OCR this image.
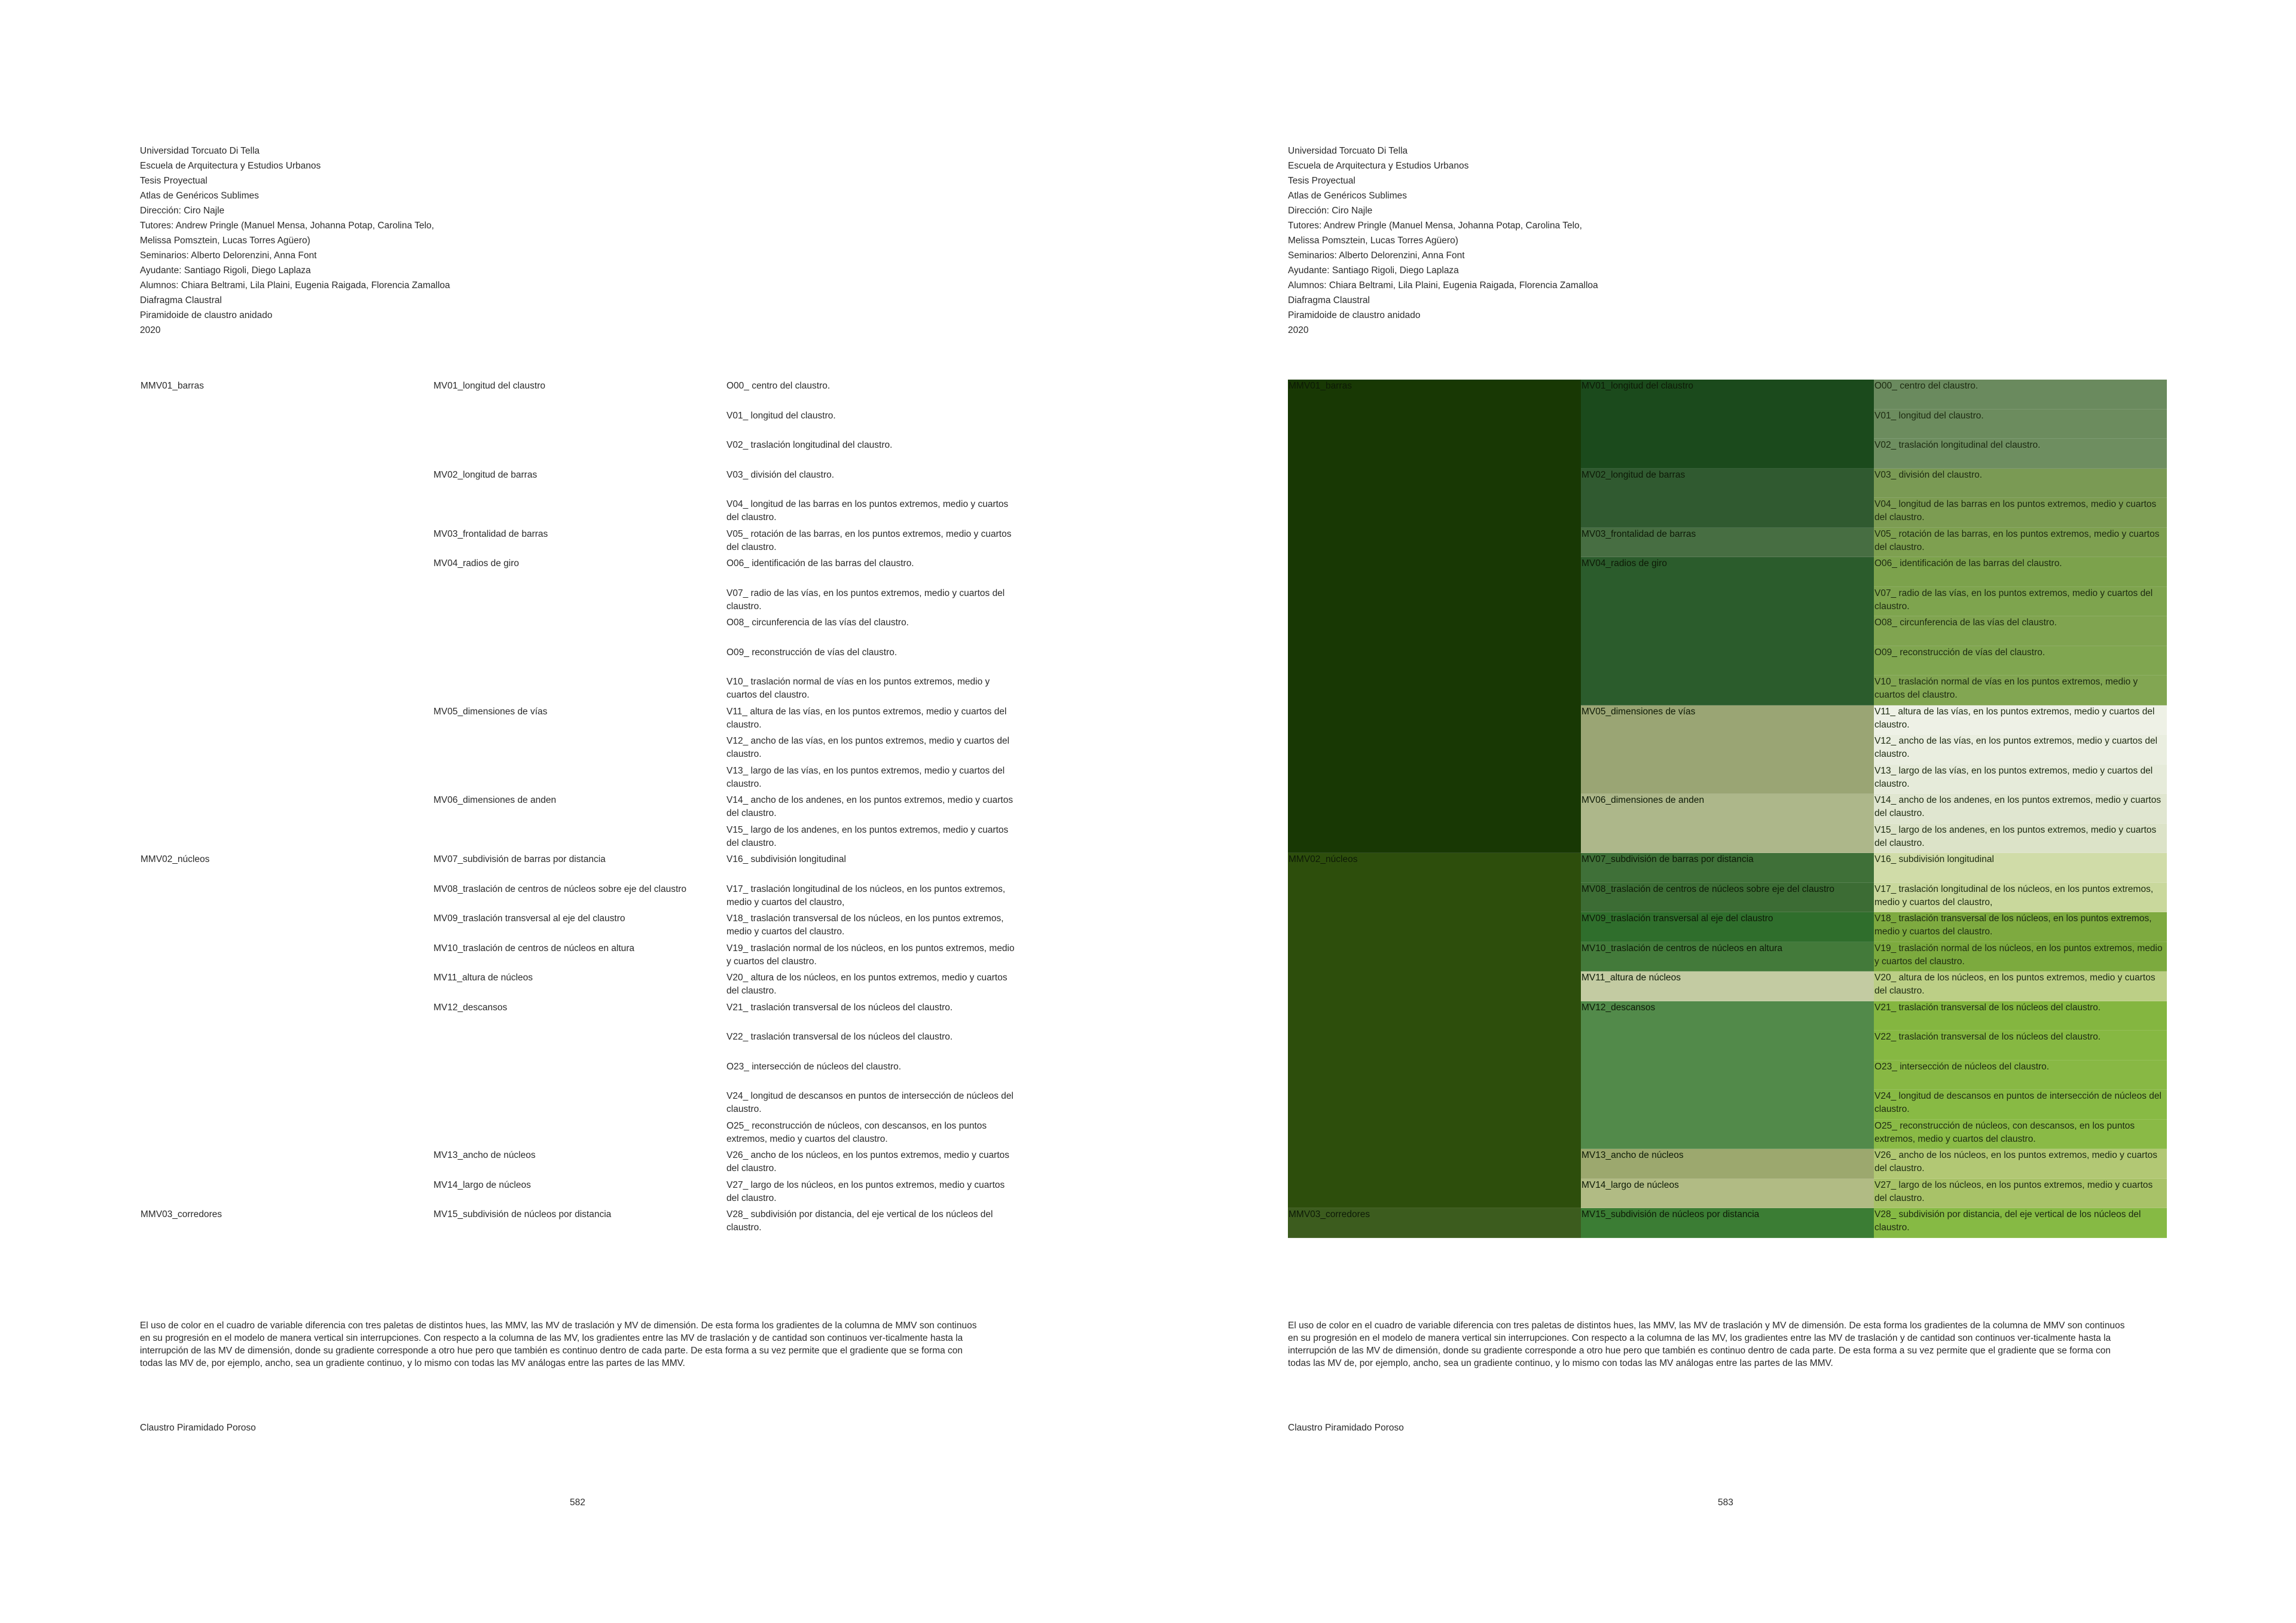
Universidad Torcuato Di Tella
Escuela de Arquitectura y Estudios Urbanos
Tesis Proyectual
Atlas de Genéricos Sublimes
Dirección: Ciro Najle
Tutores: Andrew Pringle (Manuel Mensa, Johanna Potap, Carolina Telo,
Melissa Pomsztein, Lucas Torres Agüero)
Seminarios: Alberto Delorenzini, Anna Font
Ayudante: Santiago Rigoli, Diego Laplaza
Alumnos: Chiara Beltrami, Lila Plaini, Eugenia Raigada, Florencia Zamalloa
Diafragma Claustral
Piramidoide de claustro anidado
2020
MMV01_barras
MMV02_núcleos
MMV03_corredores
MV01_longitud del claustro
MV02_longitud de barras
MV03_frontalidad de barras
MV04_radios de giro
MV05_dimensiones de vías
MV06_dimensiones de anden
MV07_subdivisión de barras por distancia
MV08_traslación de centros de núcleos sobre eje del claustro
MV09_traslación transversal al eje del claustro
MV10_traslación de centros de núcleos en altura
MV11_altura de núcleos
MV12_descansos
MV13_ancho de núcleos
MV14_largo de núcleos
MV15_subdivisión de núcleos por distancia
O00_ centro del claustro.
V01_ longitud del claustro.
V02_ traslación longitudinal del claustro.
V03_ división del claustro.
V04_ longitud de las barras en los puntos extremos, medio y cuartos del claustro.
V05_ rotación de las barras, en los puntos extremos, medio y cuartos del claustro.
O06_ identificación de las barras del claustro.
V07_ radio de las vías, en los puntos extremos, medio y cuartos del claustro.
O08_ circunferencia de las vías del claustro.
O09_ reconstrucción de vías del claustro.
V10_ traslación normal de vías en los puntos extremos, medio y cuartos del claustro.
V11_ altura de las vías, en los puntos extremos, medio y cuartos del claustro.
V12_ ancho de las vías, en los puntos extremos, medio y cuartos del claustro.
V13_ largo de las vías, en los puntos extremos, medio y cuartos del claustro.
V14_ ancho de los andenes, en los puntos extremos, medio y cuartos del claustro.
V15_ largo de los andenes, en los puntos extremos, medio y cuartos del claustro.
V16_ subdivisión longitudinal
V17_ traslación longitudinal de los núcleos, en los puntos extremos, medio y cuartos del claustro,
V18_ traslación transversal de los núcleos, en los puntos extremos, medio y cuartos del claustro.
V19_ traslación normal de los núcleos, en los puntos extremos, medio y cuartos del claustro.
V20_ altura de los núcleos, en los puntos extremos, medio y cuartos del claustro.
V21_ traslación transversal de los núcleos del claustro.
V22_ traslación transversal de los núcleos del claustro.
O23_ intersección de núcleos del claustro.
V24_ longitud de descansos en puntos de intersección de núcleos del claustro.
O25_ reconstrucción de núcleos, con descansos, en los puntos extremos, medio y cuartos del claustro.
V26_ ancho de los núcleos, en los puntos extremos, medio y cuartos del claustro.
V27_ largo de los núcleos, en los puntos extremos, medio y cuartos del claustro.
V28_ subdivisión por distancia, del eje vertical de los núcleos del claustro.

El uso de color en el cuadro de variable diferencia con tres paletas de distintos hues, las MMV, las MV de traslación y MV de dimensión. De esta forma los gradientes de la columna de MMV son continuos en su progresión en el modelo de manera vertical sin interrupciones. Con respecto a la columna de las MV, los gradientes entre las MV de traslación y de cantidad son continuos ver-ticalmente hasta la interrupción de las MV de dimensión, donde su gradiente corresponde a otro hue pero que también es continuo dentro de cada parte. De esta forma a su vez permite que el gradiente que se forma con todas las MV de, por ejemplo, ancho, sea un gradiente continuo, y lo mismo con todas las MV análogas entre las partes de las MMV.

Claustro Piramidado Poroso
582
Universidad Torcuato Di Tella
Escuela de Arquitectura y Estudios Urbanos
Tesis Proyectual
Atlas de Genéricos Sublimes
Dirección: Ciro Najle
Tutores: Andrew Pringle (Manuel Mensa, Johanna Potap, Carolina Telo,
Melissa Pomsztein, Lucas Torres Agüero)
Seminarios: Alberto Delorenzini, Anna Font
Ayudante: Santiago Rigoli, Diego Laplaza
Alumnos: Chiara Beltrami, Lila Plaini, Eugenia Raigada, Florencia Zamalloa
Diafragma Claustral
Piramidoide de claustro anidado
2020
MMV01_barras
MMV02_núcleos
MMV03_corredores
MV01_longitud del claustro
MV02_longitud de barras
MV03_frontalidad de barras
MV04_radios de giro
MV05_dimensiones de vías
MV06_dimensiones de anden
MV07_subdivisión de barras por distancia
MV08_traslación de centros de núcleos sobre eje del claustro
MV09_traslación transversal al eje del claustro
MV10_traslación de centros de núcleos en altura
MV11_altura de núcleos
MV12_descansos
MV13_ancho de núcleos
MV14_largo de núcleos
MV15_subdivisión de núcleos por distancia
O00_ centro del claustro.
V01_ longitud del claustro.
V02_ traslación longitudinal del claustro.
V03_ división del claustro.
V04_ longitud de las barras en los puntos extremos, medio y cuartos del claustro.
V05_ rotación de las barras, en los puntos extremos, medio y cuartos del claustro.
O06_ identificación de las barras del claustro.
V07_ radio de las vías, en los puntos extremos, medio y cuartos del claustro.
O08_ circunferencia de las vías del claustro.
O09_ reconstrucción de vías del claustro.
V10_ traslación normal de vías en los puntos extremos, medio y cuartos del claustro.
V11_ altura de las vías, en los puntos extremos, medio y cuartos del claustro.
V12_ ancho de las vías, en los puntos extremos, medio y cuartos del claustro.
V13_ largo de las vías, en los puntos extremos, medio y cuartos del claustro.
V14_ ancho de los andenes, en los puntos extremos, medio y cuartos del claustro.
V15_ largo de los andenes, en los puntos extremos, medio y cuartos del claustro.
V16_ subdivisión longitudinal
V17_ traslación longitudinal de los núcleos, en los puntos extremos, medio y cuartos del claustro,
V18_ traslación transversal de los núcleos, en los puntos extremos, medio y cuartos del claustro.
V19_ traslación normal de los núcleos, en los puntos extremos, medio y cuartos del claustro.
V20_ altura de los núcleos, en los puntos extremos, medio y cuartos del claustro.
V21_ traslación transversal de los núcleos del claustro.
V22_ traslación transversal de los núcleos del claustro.
O23_ intersección de núcleos del claustro.
V24_ longitud de descansos en puntos de intersección de núcleos del claustro.
O25_ reconstrucción de núcleos, con descansos, en los puntos extremos, medio y cuartos del claustro.
V26_ ancho de los núcleos, en los puntos extremos, medio y cuartos del claustro.
V27_ largo de los núcleos, en los puntos extremos, medio y cuartos del claustro.
V28_ subdivisión por distancia, del eje vertical de los núcleos del claustro.

El uso de color en el cuadro de variable diferencia con tres paletas de distintos hues, las MMV, las MV de traslación y MV de dimensión. De esta forma los gradientes de la columna de MMV son continuos en su progresión en el modelo de manera vertical sin interrupciones. Con respecto a la columna de las MV, los gradientes entre las MV de traslación y de cantidad son continuos ver-ticalmente hasta la interrupción de las MV de dimensión, donde su gradiente corresponde a otro hue pero que también es continuo dentro de cada parte. De esta forma a su vez permite que el gradiente que se forma con todas las MV de, por ejemplo, ancho, sea un gradiente continuo, y lo mismo con todas las MV análogas entre las partes de las MMV.

Claustro Piramidado Poroso
583
